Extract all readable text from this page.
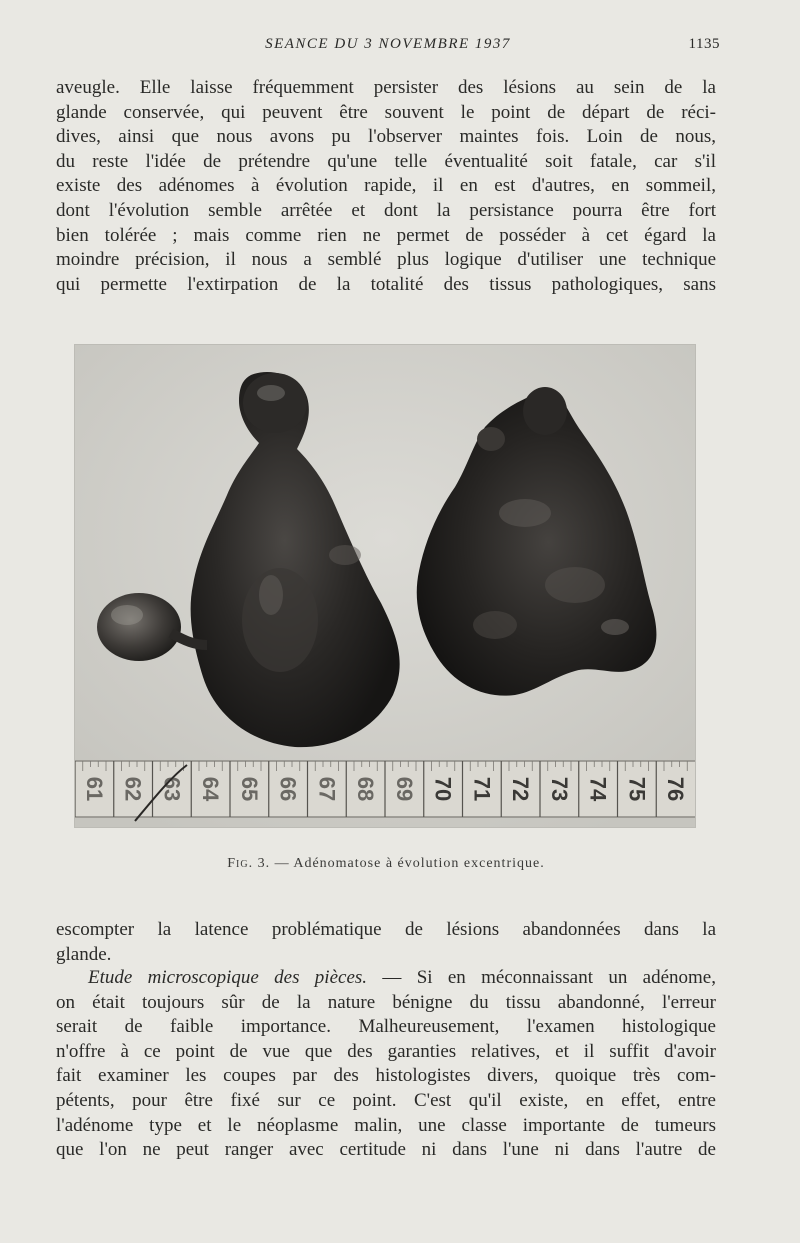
SEANCE DU 3 NOVEMBRE 1937	1135
aveugle. Elle laisse fréquemment persister des lésions au sein de la
glande conservée, qui peuvent être souvent le point de départ de réci-
dives, ainsi que nous avons pu l'observer maintes fois. Loin de nous,
du reste l'idée de prétendre qu'une telle éventualité soit fatale, car s'il
existe des adénomes à évolution rapide, il en est d'autres, en sommeil,
dont l'évolution semble arrêtée et dont la persistance pourra être fort
bien tolérée ; mais comme rien ne permet de posséder à cet égard la
moindre précision, il nous a semblé plus logique d'utiliser une technique
qui permette l'extirpation de la totalité des tissus pathologiques, sans
61 62 63 64 65 66 67 68 69 70 71 72 73 74 75 76
Fig. 3. — Adénomatose à évolution excentrique.
escompter la latence problématique de lésions abandonnées dans la
glande.
Etude microscopique des pièces. — Si en méconnaissant un adénome,
on était toujours sûr de la nature bénigne du tissu abandonné, l'erreur
serait de faible importance. Malheureusement, l'examen histologique
n'offre à ce point de vue que des garanties relatives, et il suffit d'avoir
fait examiner les coupes par des histologistes divers, quoique très com-
pétents, pour être fixé sur ce point. C'est qu'il existe, en effet, entre
l'adénome type et le néoplasme malin, une classe importante de tumeurs
que l'on ne peut ranger avec certitude ni dans l'une ni dans l'autre de
